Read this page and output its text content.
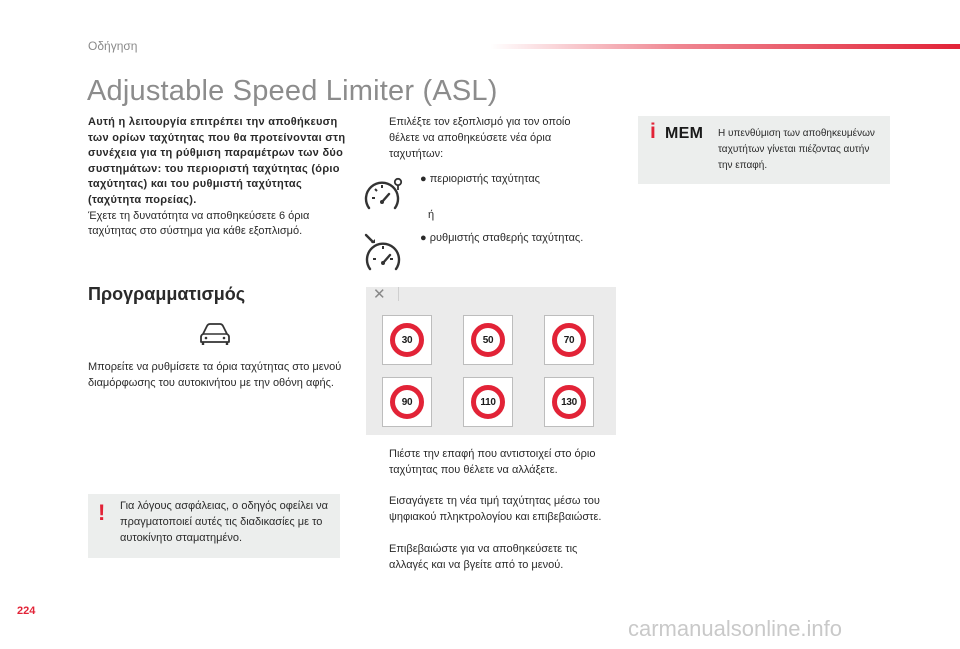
Οδήγηση
Adjustable Speed Limiter (ASL)
Αυτή η λειτουργία επιτρέπει την αποθήκευση των ορίων ταχύτητας που θα προτείνονται στη συνέχεια για τη ρύθμιση παραμέτρων των δύο συστημάτων: του περιοριστή ταχύτητας (όριο ταχύτητας) και του ρυθμιστή ταχύτητας (ταχύτητα πορείας).
Έχετε τη δυνατότητα να αποθηκεύσετε 6 όρια ταχύτητας στο σύστημα για κάθε εξοπλισμό.
Προγραμματισμός
Μπορείτε να ρυθμίσετε τα όρια ταχύτητας στο μενού διαμόρφωσης του αυτοκινήτου με την οθόνη αφής.
! Για λόγους ασφάλειας, ο οδηγός οφείλει να πραγματοποιεί αυτές τις διαδικασίες με το αυτοκίνητο σταματημένο.
Επιλέξτε τον εξοπλισμό για τον οποίο θέλετε να αποθηκεύσετε νέα όρια ταχυτήτων:
● περιοριστής ταχύτητας
ή
● ρυθμιστής σταθερής ταχύτητας.
✕
30	50	70
90	110	130
Πιέστε την επαφή που αντιστοιχεί στο όριο ταχύτητας που θέλετε να αλλάξετε.
Εισαγάγετε τη νέα τιμή ταχύτητας μέσω του ψηφιακού πληκτρολογίου και επιβεβαιώστε.
Επιβεβαιώστε για να αποθηκεύσετε τις αλλαγές και να βγείτε από το μενού.
i MEM Η υπενθύμιση των αποθηκευμένων ταχυτήτων γίνεται πιέζοντας αυτήν την επαφή.
224
carmanualsonline.info
